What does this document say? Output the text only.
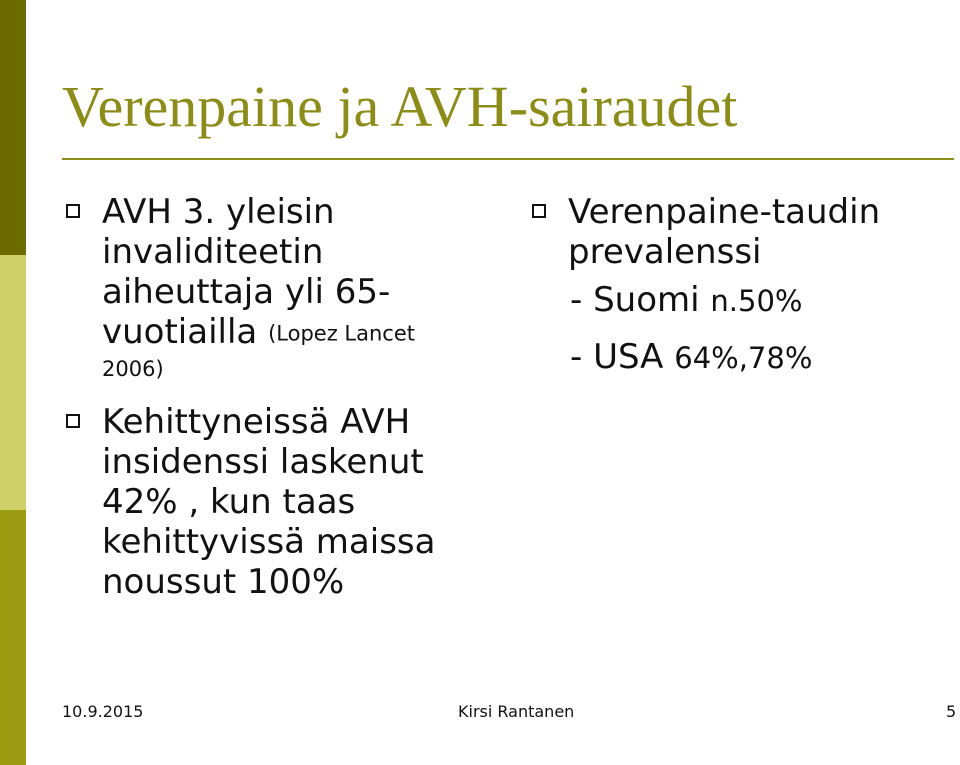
Verenpaine ja AVH-sairaudet
AVH 3. yleisin invaliditeetin aiheuttaja yli 65-vuotiailla (Lopez Lancet
2006)
Kehittyneissä AVH insidenssi laskenut 42% , kun taas kehittyvissä maissa noussut 100%
Verenpaine-taudin prevalenssi
- Suomi n.50%
- USA 64%,78%
10.9.2015	Kirsi Rantanen	5
